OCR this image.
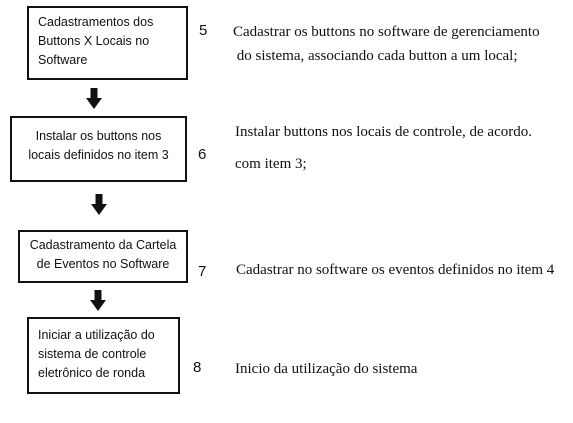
Cadastramentos dos
Buttons X Locais no
Software
5 Cadastrar os buttons no software de gerenciamento
do sistema, associando cada button a um local;
Instalar os buttons nos
locais definidos no item 3	6
Instalar buttons nos locais de controle, de acordo.
com item 3;
Cadastramento da Cartela
de Eventos no Software	7 Cadastrar no software os eventos definidos no item 4
Iniciar a utilização do
sistema de controle
eletrônico de ronda	8 Inicio da utilização do sistema
